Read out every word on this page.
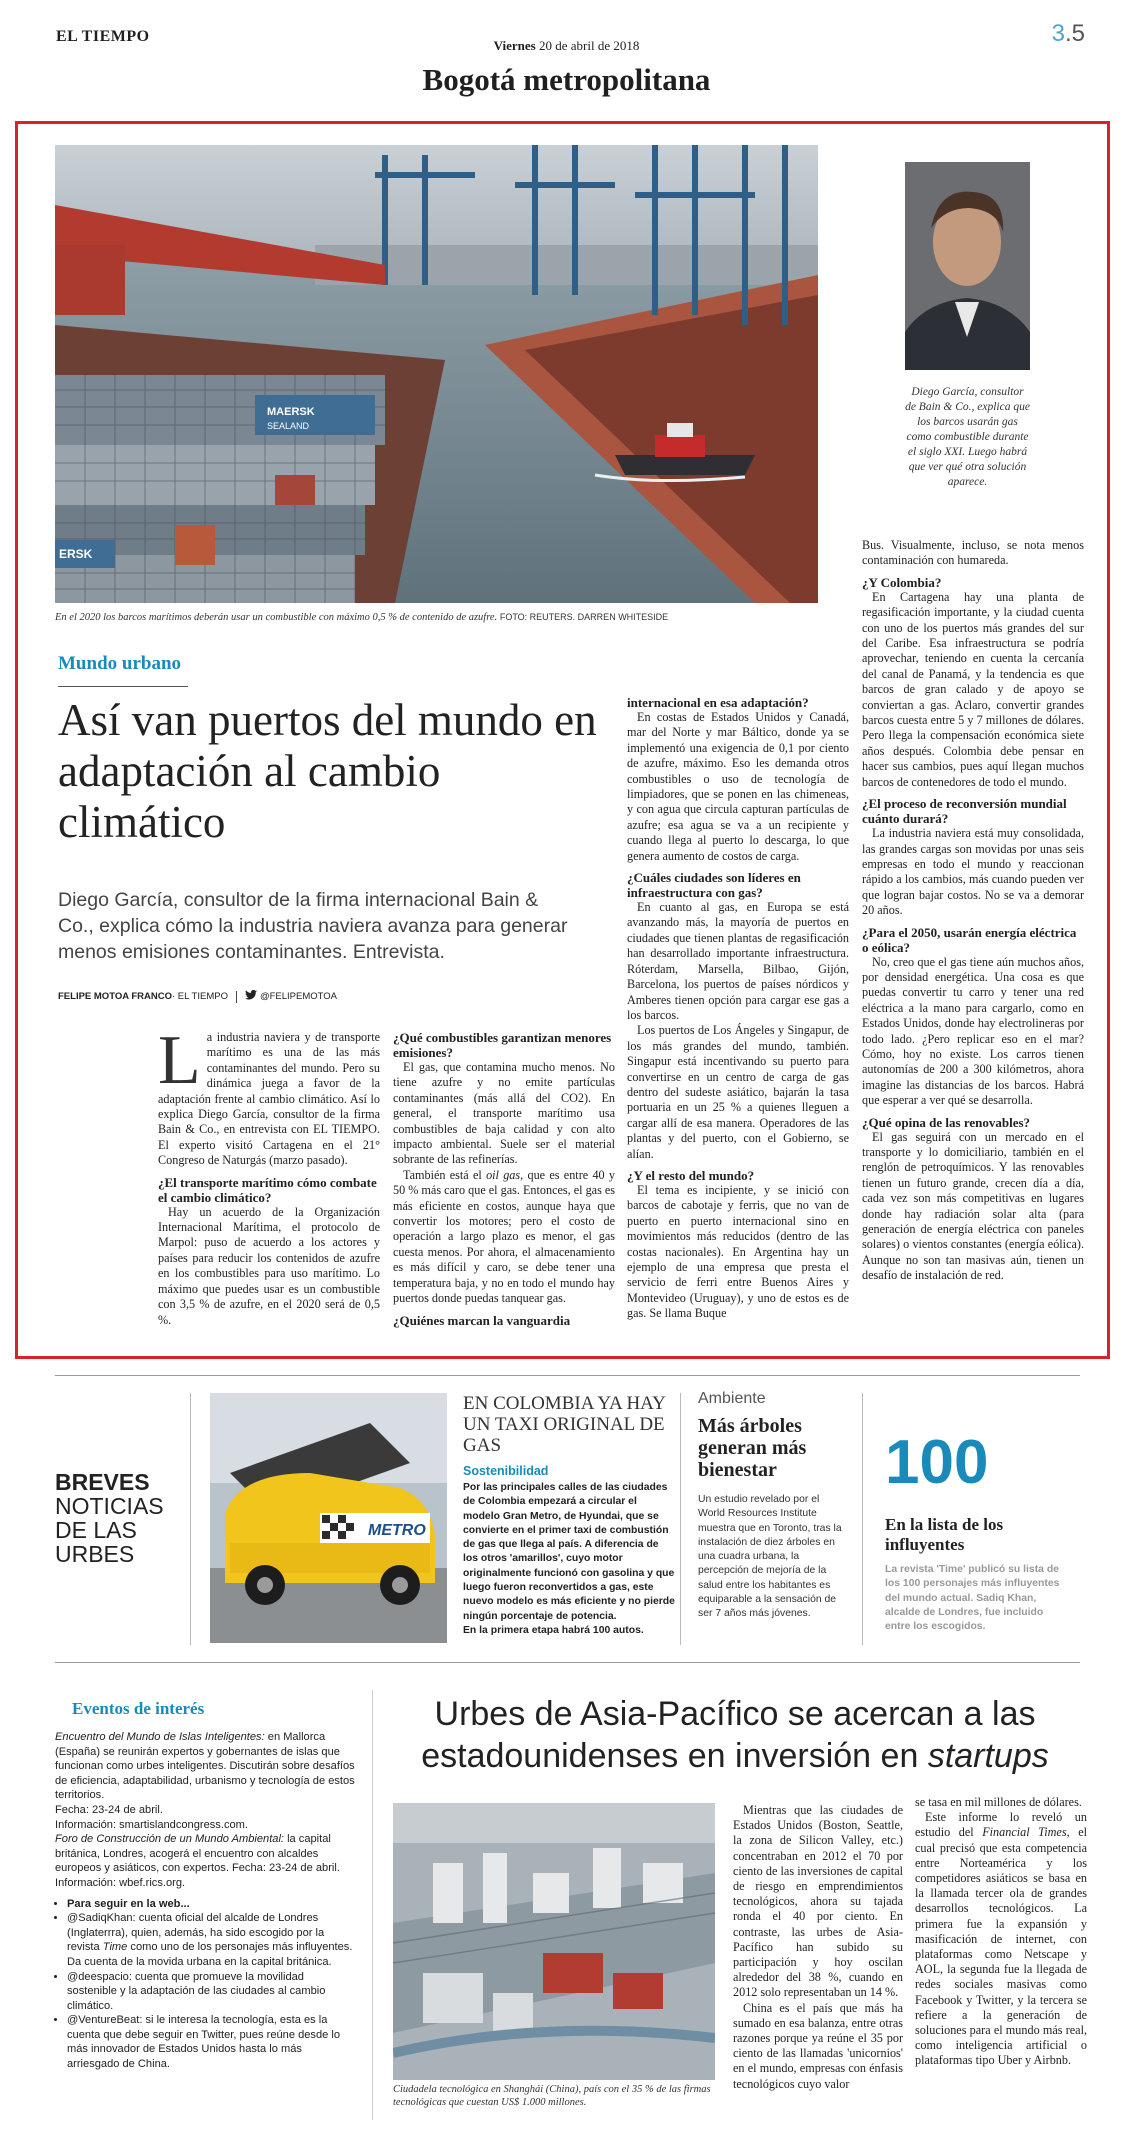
EL TIEMPO
Viernes 20 de abril de 2018	3.5
Bogotá metropolitana
MAERSK
SEALAND
ERSK
En el 2020 los barcos marítimos deberán usar un combustible con máximo 0,5 % de contenido de azufre. FOTO: REUTERS. DARREN WHITESIDE
Diego García, consultor de Bain & Co., explica que los barcos usarán gas como combustible durante el siglo XXI. Luego habrá que ver qué otra solución aparece.
Mundo urbano
Así van puertos del mundo en adaptación al cambio climático
Diego García, consultor de la firma internacional Bain & Co., explica cómo la industria naviera avanza para generar menos emisiones contaminantes. Entrevista.
FELIPE MOTOA FRANCO· EL TIEMPO	@FELIPEMOTOA

La industria naviera y de transporte marítimo es una de las más contaminantes del mundo. Pero su dinámica juega a favor de la adaptación frente al cambio climático. Así lo explica Diego García, consultor de la firma Bain & Co., en entrevista con EL TIEMPO. El experto visitó Cartagena en el 21° Congreso de Naturgás (marzo pasado).

¿El transporte marítimo cómo combate el cambio climático?

Hay un acuerdo de la Organización Internacional Marítima, el protocolo de Marpol: puso de acuerdo a los actores y países para reducir los contenidos de azufre en los combustibles para uso marítimo. Lo máximo que puedes usar es un combustible con 3,5 % de azufre, en el 2020 será de 0,5 %.

¿Qué combustibles garantizan menores emisiones?

El gas, que contamina mucho menos. No tiene azufre y no emite partículas contaminantes (más allá del CO2). En general, el transporte marítimo usa combustibles de baja calidad y con alto impacto ambiental. Suele ser el material sobrante de las refinerías.

También está el oil gas, que es entre 40 y 50 % más caro que el gas. Entonces, el gas es más eficiente en costos, aunque haya que convertir los motores; pero el costo de operación a largo plazo es menor, el gas cuesta menos. Por ahora, el almacenamiento es más difícil y caro, se debe tener una temperatura baja, y no en todo el mundo hay puertos donde puedas tanquear gas.

¿Quiénes marcan la vanguardia
internacional en esa adaptación?

En costas de Estados Unidos y Canadá, mar del Norte y mar Báltico, donde ya se implementó una exigencia de 0,1 por ciento de azufre, máximo. Eso les demanda otros combustibles o uso de tecnología de limpiadores, que se ponen en las chimeneas, y con agua que circula capturan partículas de azufre; esa agua se va a un recipiente y cuando llega al puerto lo descarga, lo que genera aumento de costos de carga.

¿Cuáles ciudades son líderes en infraestructura con gas?

En cuanto al gas, en Europa se está avanzando más, la mayoría de puertos en ciudades que tienen plantas de regasificación han desarrollado importante infraestructura. Róterdam, Marsella, Bilbao, Gijón, Barcelona, los puertos de países nórdicos y Amberes tienen opción para cargar ese gas a los barcos.

Los puertos de Los Ángeles y Singapur, de los más grandes del mundo, también. Singapur está incentivando su puerto para convertirse en un centro de carga de gas dentro del sudeste asiático, bajarán la tasa portuaria en un 25 % a quienes lleguen a cargar allí de esa manera. Operadores de las plantas y del puerto, con el Gobierno, se alían.

¿Y el resto del mundo?

El tema es incipiente, y se inició con barcos de cabotaje y ferris, que no van de puerto en puerto internacional sino en movimientos más reducidos (dentro de las costas nacionales). En Argentina hay un ejemplo de una empresa que presta el servicio de ferri entre Buenos Aires y Montevideo (Uruguay), y uno de estos es de gas. Se llama Buque

Bus. Visualmente, incluso, se nota menos contaminación con humareda.

¿Y Colombia?

En Cartagena hay una planta de regasificación importante, y la ciudad cuenta con uno de los puertos más grandes del sur del Caribe. Esa infraestructura se podría aprovechar, teniendo en cuenta la cercanía del canal de Panamá, y la tendencia es que barcos de gran calado y de apoyo se conviertan a gas. Aclaro, convertir grandes barcos cuesta entre 5 y 7 millones de dólares. Pero llega la compensación económica siete años después. Colombia debe pensar en hacer sus cambios, pues aquí llegan muchos barcos de contenedores de todo el mundo.

¿El proceso de reconversión mundial cuánto durará?

La industria naviera está muy consolidada, las grandes cargas son movidas por unas seis empresas en todo el mundo y reaccionan rápido a los cambios, más cuando pueden ver que logran bajar costos. No se va a demorar 20 años.

¿Para el 2050, usarán energía eléctrica o eólica?

No, creo que el gas tiene aún muchos años, por densidad energética. Una cosa es que puedas convertir tu carro y tener una red eléctrica a la mano para cargarlo, como en Estados Unidos, donde hay electrolineras por todo lado. ¿Pero replicar eso en el mar? Cómo, hoy no existe. Los carros tienen autonomías de 200 a 300 kilómetros, ahora imagine las distancias de los barcos. Habrá que esperar a ver qué se desarrolla.

¿Qué opina de las renovables?

El gas seguirá con un mercado en el transporte y lo domiciliario, también en el renglón de petroquímicos. Y las renovables tienen un futuro grande, crecen día a día, cada vez son más competitivas en lugares donde hay radiación solar alta (para generación de energía eléctrica con paneles solares) o vientos constantes (energía eólica). Aunque no son tan masivas aún, tienen un desafío de instalación de red.

BREVES
NOTICIAS DE LAS URBES
METRO
EN COLOMBIA YA HAY UN TAXI ORIGINAL DE GAS
Sostenibilidad

Por las principales calles de las ciudades de Colombia empezará a circular el modelo Gran Metro, de Hyundai, que se convierte en el primer taxi de combustión de gas que llega al país. A diferencia de los otros 'amarillos', cuyo motor originalmente funcionó con gasolina y que luego fueron reconvertidos a gas, este nuevo modelo es más eficiente y no pierde ningún porcentaje de potencia.

En la primera etapa habrá 100 autos.

Ambiente
Más árboles generan más bienestar
Un estudio revelado por el World Resources Institute muestra que en Toronto, tras la instalación de diez árboles en una cuadra urbana, la percepción de mejoría de la salud entre los habitantes es equiparable a la sensación de ser 7 años más jóvenes.
100
En la lista de los influyentes
La revista 'Time' publicó su lista de los 100 personajes más influyentes del mundo actual. Sadiq Khan, alcalde de Londres, fue incluido entre los escogidos.
Eventos de interés

Encuentro del Mundo de Islas Inteligentes: en Mallorca (España) se reunirán expertos y gobernantes de islas que funcionan como urbes inteligentes. Discutirán sobre desafíos de eficiencia, adaptabilidad, urbanismo y tecnología de estos territorios.

Fecha: 23-24 de abril.

Información: smartislandcongress.com.

Foro de Construcción de un Mundo Ambiental: la capital británica, Londres, acogerá el encuentro con alcaldes europeos y asiáticos, con expertos. Fecha: 23-24 de abril. Información: wbef.rics.org.

• Para seguir en la web...
• @SadiqKhan: cuenta oficial del alcalde de Londres (Inglaterrra), quien, además, ha sido escogido por la revista Time como uno de los personajes más influyentes. Da cuenta de la movida urbana en la capital británica.
• @deespacio: cuenta que promueve la movilidad sostenible y la adaptación de las ciudades al cambio climático.
• @VentureBeat: si le interesa la tecnología, esta es la cuenta que debe seguir en Twitter, pues reúne desde lo más innovador de Estados Unidos hasta lo más arriesgado de China.
Urbes de Asia-Pacífico se acercan a las estadounidenses en inversión en startups
Ciudadela tecnológica en Shanghái (China), país con el 35 % de las firmas tecnológicas que cuestan US$ 1.000 millones.

Mientras que las ciudades de Estados Unidos (Boston, Seattle, la zona de Silicon Valley, etc.) concentraban en 2012 el 70 por ciento de las inversiones de capital de riesgo en emprendimientos tecnológicos, ahora su tajada ronda el 40 por ciento. En contraste, las urbes de Asia-Pacífico han subido su participación y hoy oscilan alrededor del 38 %, cuando en 2012 solo representaban un 14 %.

China es el país que más ha sumado en esa balanza, entre otras razones porque ya reúne el 35 por ciento de las llamadas 'unicornios' en el mundo, empresas con énfasis tecnológicos cuyo valor

se tasa en mil millones de dólares.

Este informe lo reveló un estudio del Financial Times, el cual precisó que esta competencia entre Norteamérica y los competidores asiáticos se basa en la llamada tercer ola de grandes desarrollos tecnológicos. La primera fue la expansión y masificación de internet, con plataformas como Netscape y AOL, la segunda fue la llegada de redes sociales masivas como Facebook y Twitter, y la tercera se refiere a la generación de soluciones para el mundo más real, como inteligencia artificial o plataformas tipo Uber y Airbnb.
